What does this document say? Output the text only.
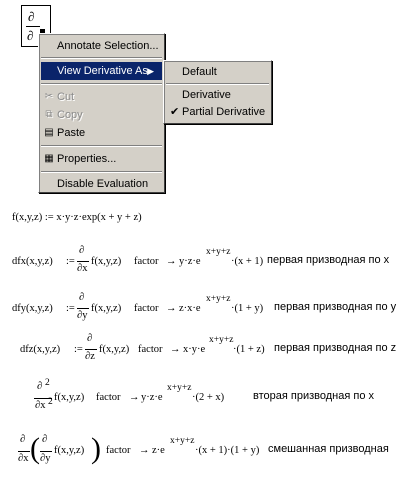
∂
∂
Annotate Selection...
View Derivative As ▶
✂ Cut
⧉ Copy
▤ Paste
▦ Properties...
Disable Evaluation
Default
Derivative
✔ Partial Derivative
f(x,y,z) := x·y·z·exp(x + y + z)
dfx(x,y,z) :=
∂
∂x
f(x,y,z) factor → y·z·e
x+y+z
·(x + 1) первая призводная по x
dfy(x,y,z) :=
∂
∂y
f(x,y,z) factor → z·x·e
x+y+z
·(1 + y) первая призводная по y
dfz(x,y,z) :=
∂
∂z
f(x,y,z) factor → x·y·e
x+y+z
·(1 + z) первая призводная по z
∂ 2
∂x 2 f(x,y,z) factor → y·z·e
x+y+z
·(2 + x)	вторая призводная по x
∂
∂x ( ∂
∂y
f(x,y,z) ) factor → z·e
x+y+z
·(x + 1)·(1 + y) смешанная призводная
